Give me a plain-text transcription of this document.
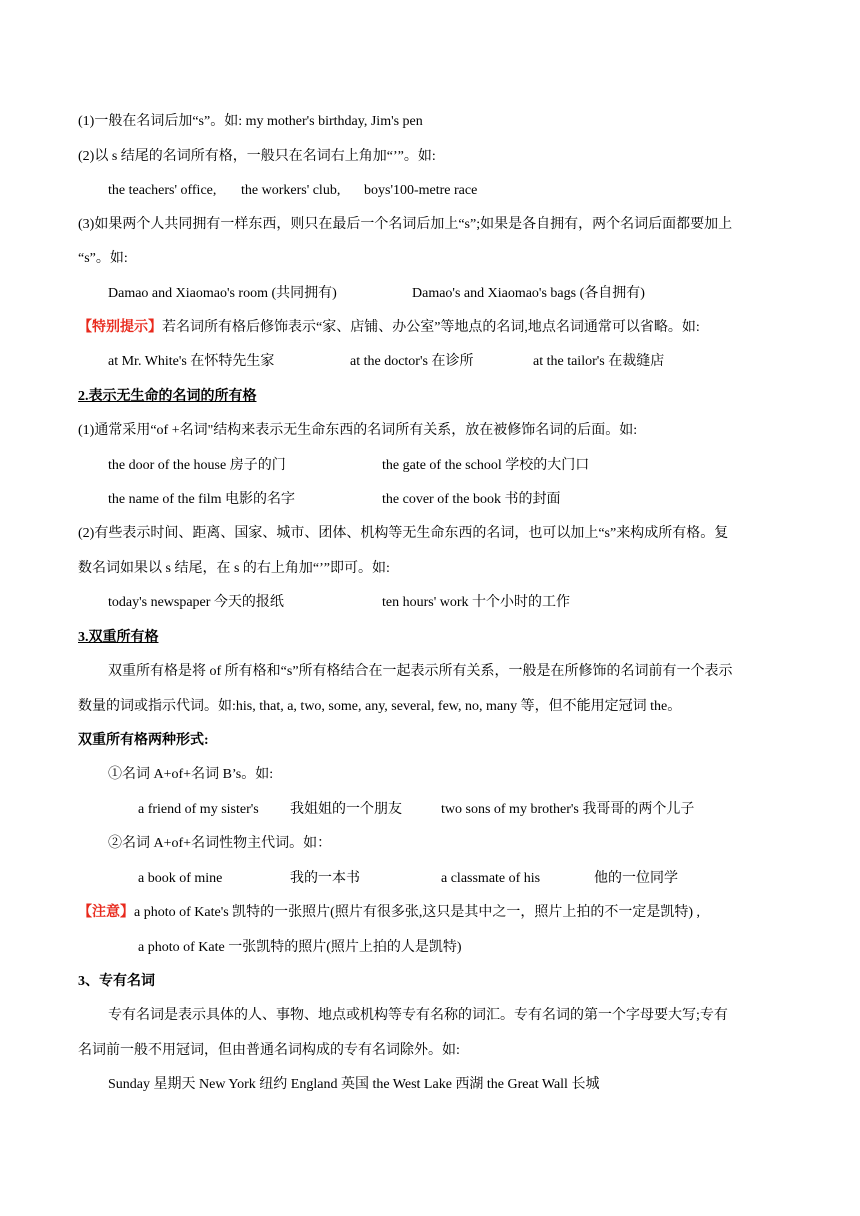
(1)一般在名词后加“s”。如: my mother's birthday, Jim's pen
(2)以 s 结尾的名词所有格，一般只在名词右上角加“’”。如:
the teachers' office, the workers' club, boys'100-metre race
(3)如果两个人共同拥有一样东西，则只在最后一个名词后加上“s”;如果是各自拥有，两个名词后面都要加上
“s”。如:
Damao and Xiaomao's room (共同拥有)	Damao's and Xiaomao's bags (各自拥有)
【特别提示】若名词所有格后修饰表示“家、店铺、办公室”等地点的名词,地点名词通常可以省略。如:
at Mr. White's 在怀特先生家	at the doctor's 在诊所	at the tailor's 在裁缝店
2.表示无生命的名词的所有格
(1)通常采用“of +名词"结构来表示无生命东西的名词所有关系，放在被修饰名词的后面。如:
the door of the house 房子的门	the gate of the school 学校的大门口
the name of the film 电影的名字	the cover of the book 书的封面
(2)有些表示时间、距离、国家、城市、团体、机构等无生命东西的名词，也可以加上“s”来构成所有格。复
数名词如果以 s 结尾，在 s 的右上角加“’”即可。如:
today's newspaper 今天的报纸	ten hours' work 十个小时的工作
3.双重所有格
双重所有格是将 of 所有格和“s”所有格结合在一起表示所有关系，一般是在所修饰的名词前有一个表示
数量的词或指示代词。如:his, that, a, two, some, any, several, few, no, many 等，但不能用定冠词 the。
双重所有格两种形式:
①名词 A+of+名词 B’s。如:
a friend of my sister's 我姐姐的一个朋友	two sons of my brother's 我哥哥的两个儿子
②名词 A+of+名词性物主代词。如：
a book of mine	我的一本书	a classmate of his	他的一位同学
【注意】a photo of Kate's 凯特的一张照片(照片有很多张,这只是其中之一，照片上拍的不一定是凯特) ,
a photo of Kate 一张凯特的照片(照片上拍的人是凯特)
3、专有名词
专有名词是表示具体的人、事物、地点或机构等专有名称的词汇。专有名词的第一个字母要大写;专有
名词前一般不用冠词，但由普通名词构成的专有名词除外。如:
Sunday 星期天 New York 纽约 England 英国 the West Lake 西湖 the Great Wall 长城
